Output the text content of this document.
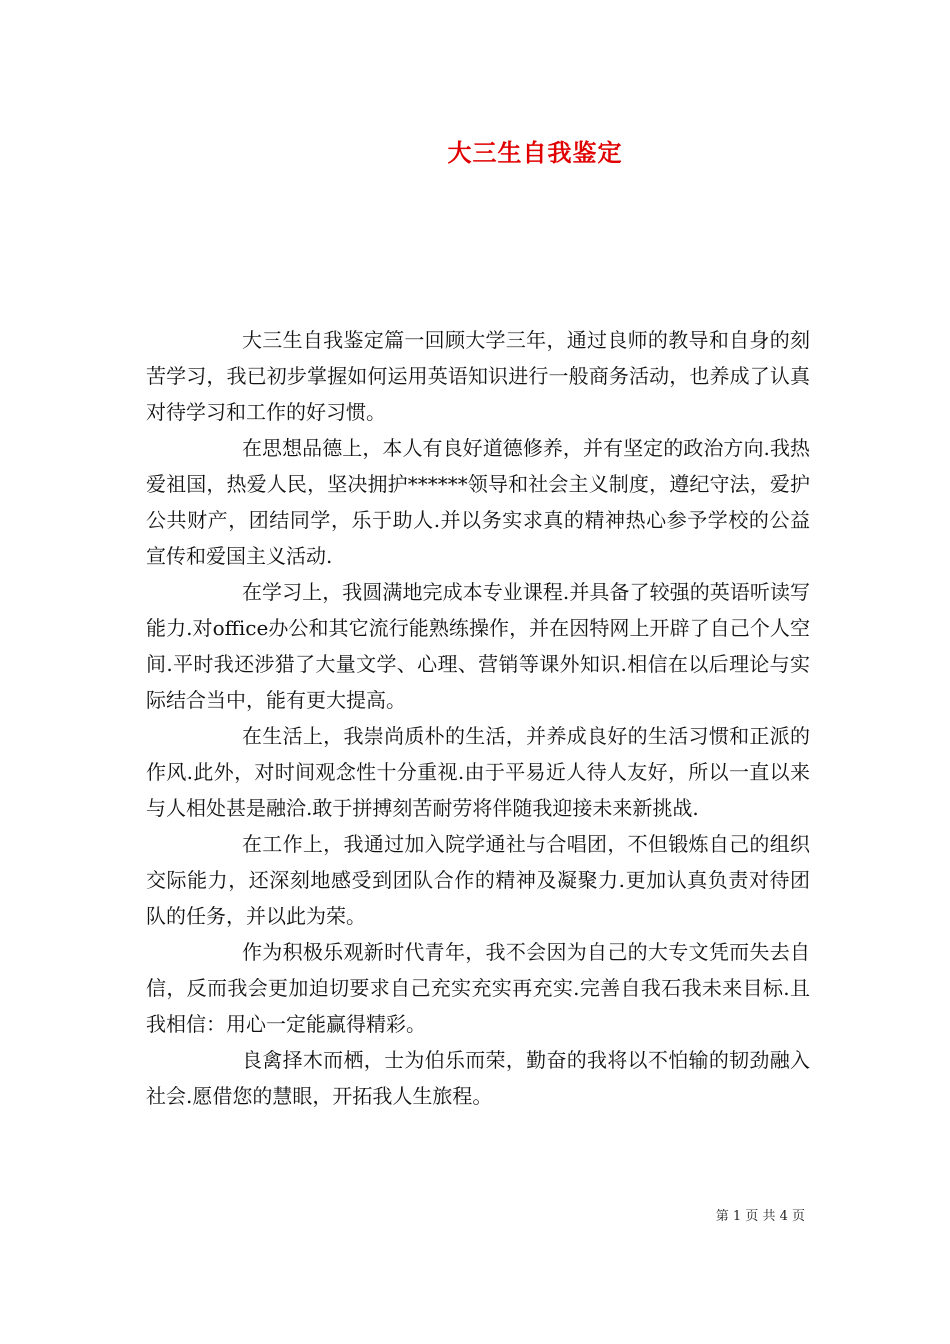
大三生自我鉴定

大三生自我鉴定篇一回顾大学三年，通过良师的教导和自身的刻苦学习，我已初步掌握如何运用英语知识进行一般商务活动，也养成了认真对待学习和工作的好习惯。

在思想品德上，本人有良好道德修养，并有坚定的政治方向.我热爱祖国，热爱人民，坚决拥护******领导和社会主义制度，遵纪守法，爱护公共财产，团结同学，乐于助人.并以务实求真的精神热心参予学校的公益宣传和爱国主义活动.

在学习上，我圆满地完成本专业课程.并具备了较强的英语听读写能力.对office办公和其它流行能熟练操作，并在因特网上开辟了自己个人空间.平时我还涉猎了大量文学、心理、营销等课外知识.相信在以后理论与实际结合当中，能有更大提高。

在生活上，我崇尚质朴的生活，并养成良好的生活习惯和正派的作风.此外，对时间观念性十分重视.由于平易近人待人友好，所以一直以来与人相处甚是融洽.敢于拼搏刻苦耐劳将伴随我迎接未来新挑战.

在工作上，我通过加入院学通社与合唱团，不但锻炼自己的组织交际能力，还深刻地感受到团队合作的精神及凝聚力.更加认真负责对待团队的任务，并以此为荣。

作为积极乐观新时代青年，我不会因为自己的大专文凭而失去自信，反而我会更加迫切要求自己充实充实再充实.完善自我石我未来目标.且我相信：用心一定能赢得精彩。

良禽择木而栖，士为伯乐而荣，勤奋的我将以不怕输的韧劲融入社会.愿借您的慧眼，开拓我人生旅程。

第 1 页 共 4 页
